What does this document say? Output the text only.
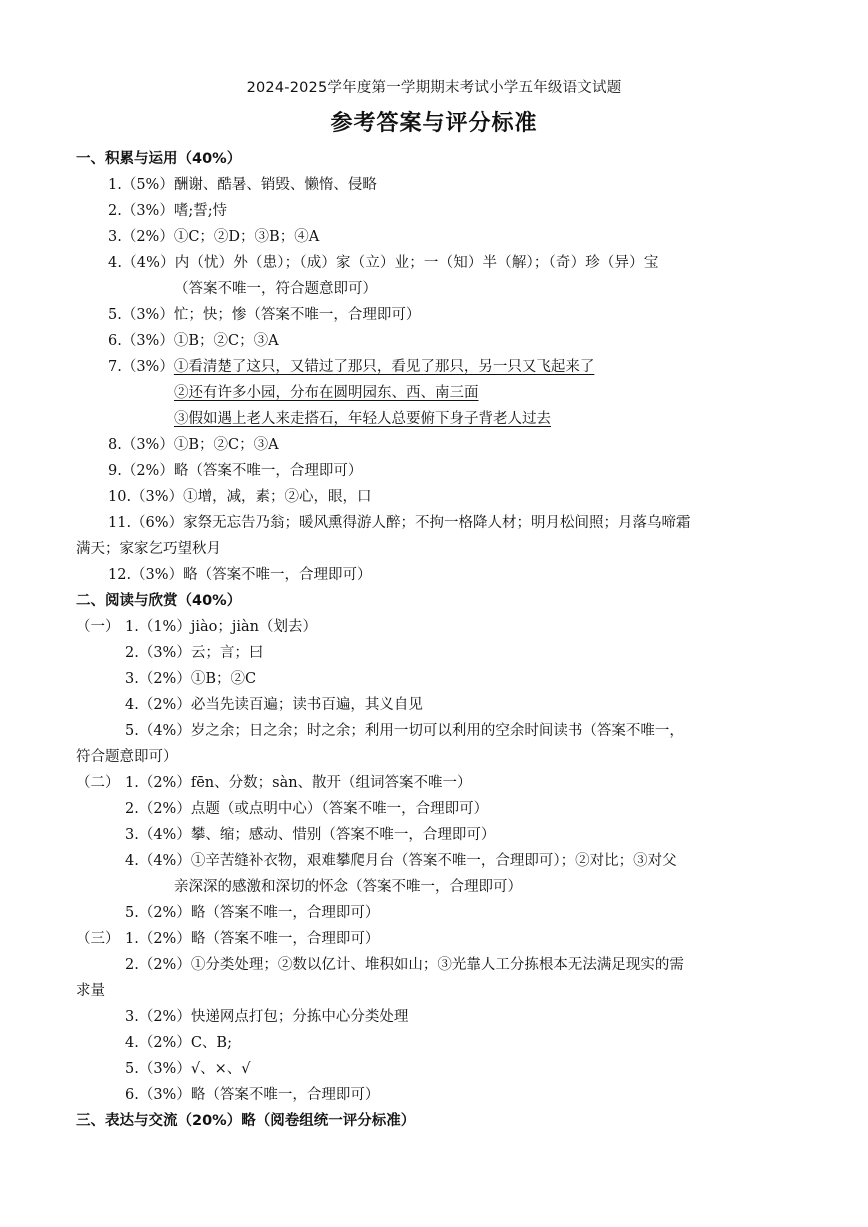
2024-2025学年度第一学期期末考试小学五年级语文试题
参考答案与评分标准
一、积累与运用（40%）
1.（5%）酬谢、酷暑、销毁、懒惰、侵略
2.（3%）嗜;誓;恃
3.（2%）①C；②D；③B；④A
4.（4%）内（忧）外（患）；（成）家（立）业；一（知）半（解）；（奇）珍（异）宝
（答案不唯一，符合题意即可）
5.（3%）忙；快；惨（答案不唯一，合理即可）
6.（3%）①B；②C；③A
7.（3%）①看清楚了这只，又错过了那只，看见了那只，另一只又飞起来了
②还有许多小园，分布在圆明园东、西、南三面
③假如遇上老人来走搭石，年轻人总要俯下身子背老人过去
8.（3%）①B；②C；③A
9.（2%）略（答案不唯一，合理即可）
10.（3%）①增，减，素；②心，眼，口
11.（6%）家祭无忘告乃翁；暖风熏得游人醉；不拘一格降人材；明月松间照；月落乌啼霜
满天；家家乞巧望秋月
12.（3%）略（答案不唯一，合理即可）
二、阅读与欣赏（40%）
（一） 1.（1%）jiào；jiàn（划去）
2.（3%）云；言；曰
3.（2%）①B；②C
4.（2%）必当先读百遍；读书百遍，其义自见
5.（4%）岁之余；日之余；时之余；利用一切可以利用的空余时间读书（答案不唯一，
符合题意即可）
（二） 1.（2%）fēn、分数；sàn、散开（组词答案不唯一）
2.（2%）点题（或点明中心）（答案不唯一，合理即可）
3.（4%）攀、缩；感动、惜别（答案不唯一，合理即可）
4.（4%）①辛苦缝补衣物，艰难攀爬月台（答案不唯一，合理即可）；②对比；③对父
亲深深的感激和深切的怀念（答案不唯一，合理即可）
5.（2%）略（答案不唯一，合理即可）
（三） 1.（2%）略（答案不唯一，合理即可）
2.（2%）①分类处理；②数以亿计、堆积如山；③光靠人工分拣根本无法满足现实的需
求量
3.（2%）快递网点打包；分拣中心分类处理
4.（2%）C、B;
5.（3%）√、×、√
6.（3%）略（答案不唯一，合理即可）
三、表达与交流（20%）略（阅卷组统一评分标准）
